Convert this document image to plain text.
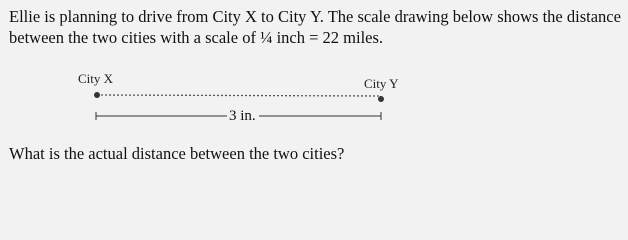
Ellie is planning to drive from City X to City Y. The scale drawing below shows the distance between the two cities with a scale of ¼ inch = 22 miles.

City X	City Y
3 in.

What is the actual distance between the two cities?
